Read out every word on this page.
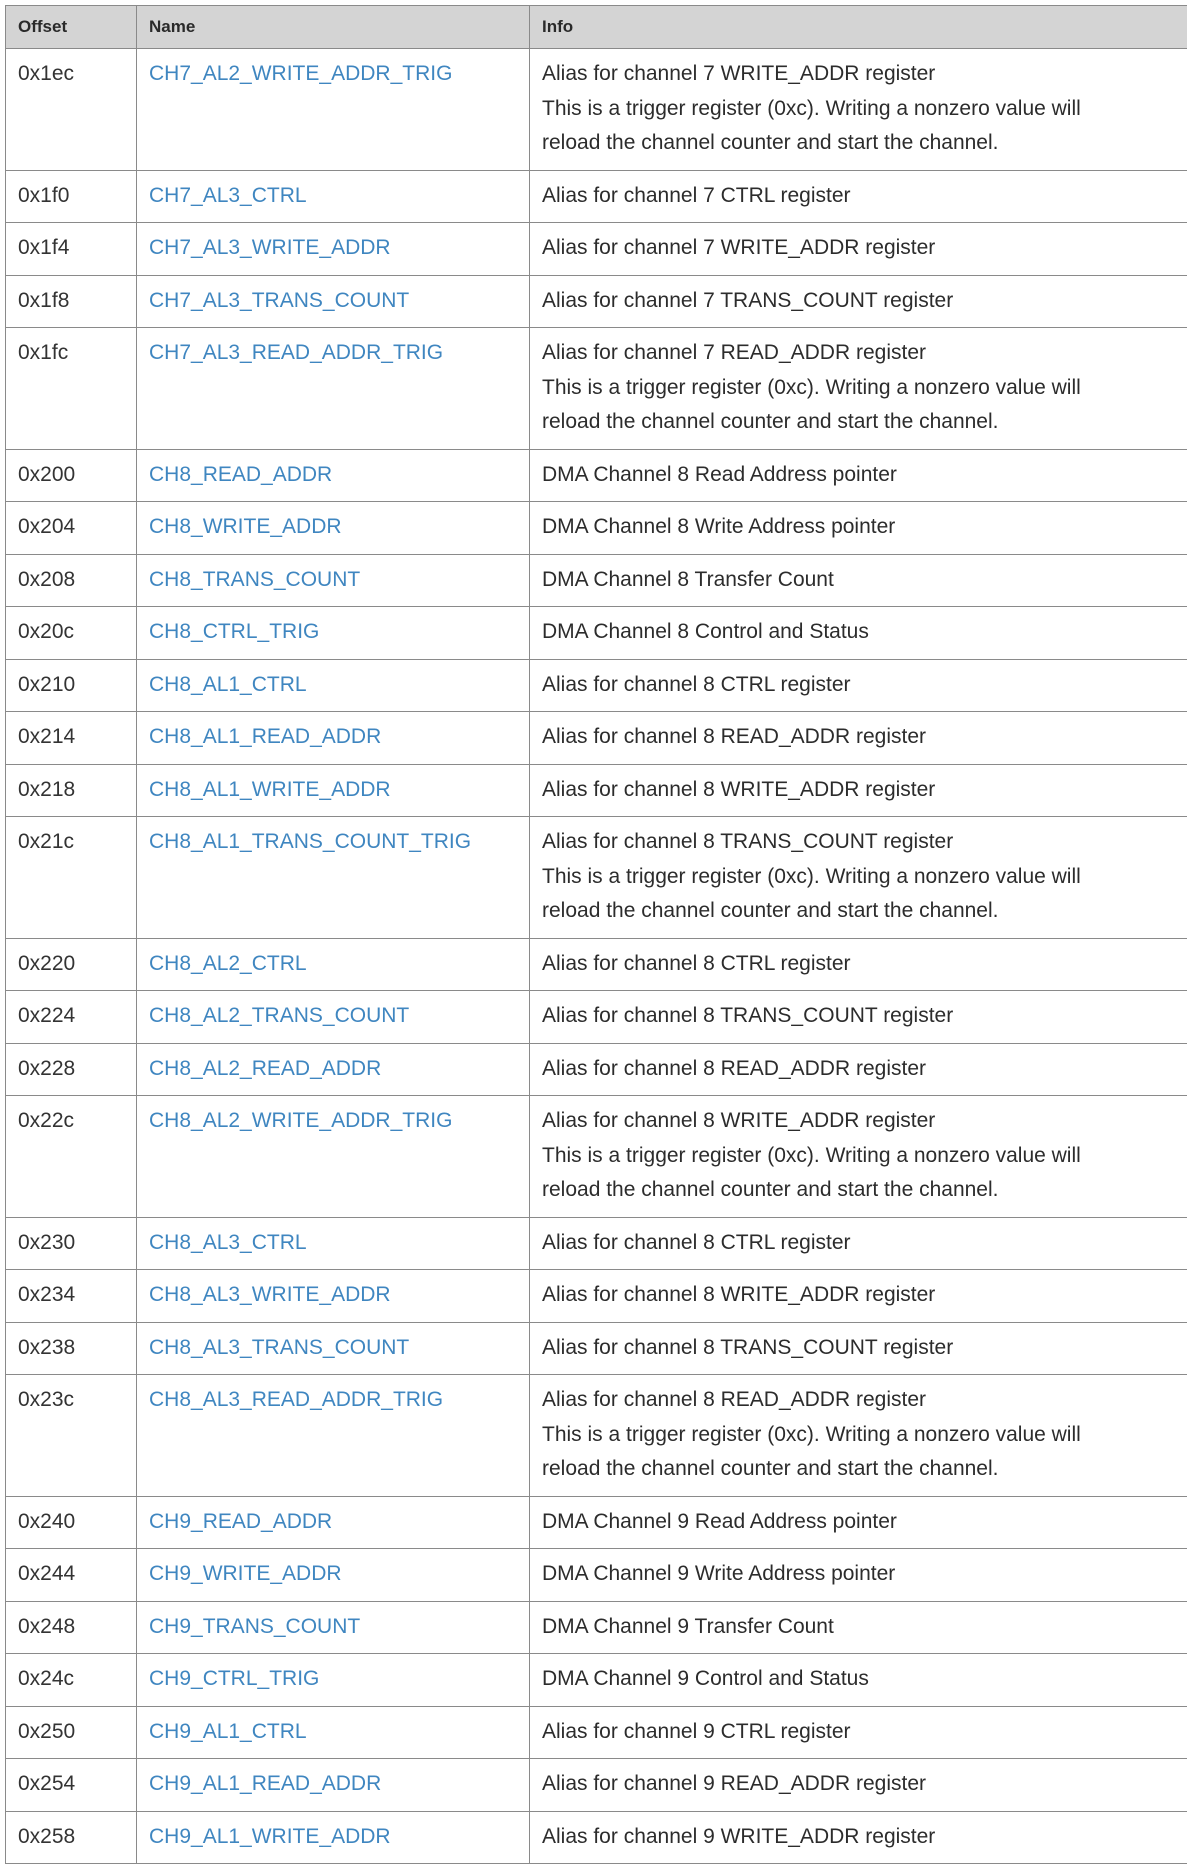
Offset	Name	Info
0x1ec	CH7_AL2_WRITE_ADDR_TRIG	Alias for channel 7 WRITE_ADDR register
This is a trigger register (0xc). Writing a nonzero value will
reload the channel counter and start the channel.

0x1f0	CH7_AL3_CTRL	Alias for channel 7 CTRL register

0x1f4	CH7_AL3_WRITE_ADDR	Alias for channel 7 WRITE_ADDR register

0x1f8	CH7_AL3_TRANS_COUNT	Alias for channel 7 TRANS_COUNT register

0x1fc	CH7_AL3_READ_ADDR_TRIG	Alias for channel 7 READ_ADDR register
This is a trigger register (0xc). Writing a nonzero value will
reload the channel counter and start the channel.

0x200	CH8_READ_ADDR	DMA Channel 8 Read Address pointer

0x204	CH8_WRITE_ADDR	DMA Channel 8 Write Address pointer

0x208	CH8_TRANS_COUNT	DMA Channel 8 Transfer Count

0x20c	CH8_CTRL_TRIG	DMA Channel 8 Control and Status

0x210	CH8_AL1_CTRL	Alias for channel 8 CTRL register

0x214	CH8_AL1_READ_ADDR	Alias for channel 8 READ_ADDR register

0x218	CH8_AL1_WRITE_ADDR	Alias for channel 8 WRITE_ADDR register

0x21c	CH8_AL1_TRANS_COUNT_TRIG	Alias for channel 8 TRANS_COUNT register
This is a trigger register (0xc). Writing a nonzero value will
reload the channel counter and start the channel.

0x220	CH8_AL2_CTRL	Alias for channel 8 CTRL register

0x224	CH8_AL2_TRANS_COUNT	Alias for channel 8 TRANS_COUNT register

0x228	CH8_AL2_READ_ADDR	Alias for channel 8 READ_ADDR register

0x22c	CH8_AL2_WRITE_ADDR_TRIG	Alias for channel 8 WRITE_ADDR register
This is a trigger register (0xc). Writing a nonzero value will
reload the channel counter and start the channel.

0x230	CH8_AL3_CTRL	Alias for channel 8 CTRL register

0x234	CH8_AL3_WRITE_ADDR	Alias for channel 8 WRITE_ADDR register

0x238	CH8_AL3_TRANS_COUNT	Alias for channel 8 TRANS_COUNT register

0x23c	CH8_AL3_READ_ADDR_TRIG	Alias for channel 8 READ_ADDR register
This is a trigger register (0xc). Writing a nonzero value will
reload the channel counter and start the channel.

0x240	CH9_READ_ADDR	DMA Channel 9 Read Address pointer

0x244	CH9_WRITE_ADDR	DMA Channel 9 Write Address pointer

0x248	CH9_TRANS_COUNT	DMA Channel 9 Transfer Count

0x24c	CH9_CTRL_TRIG	DMA Channel 9 Control and Status

0x250	CH9_AL1_CTRL	Alias for channel 9 CTRL register

0x254	CH9_AL1_READ_ADDR	Alias for channel 9 READ_ADDR register

0x258	CH9_AL1_WRITE_ADDR	Alias for channel 9 WRITE_ADDR register
